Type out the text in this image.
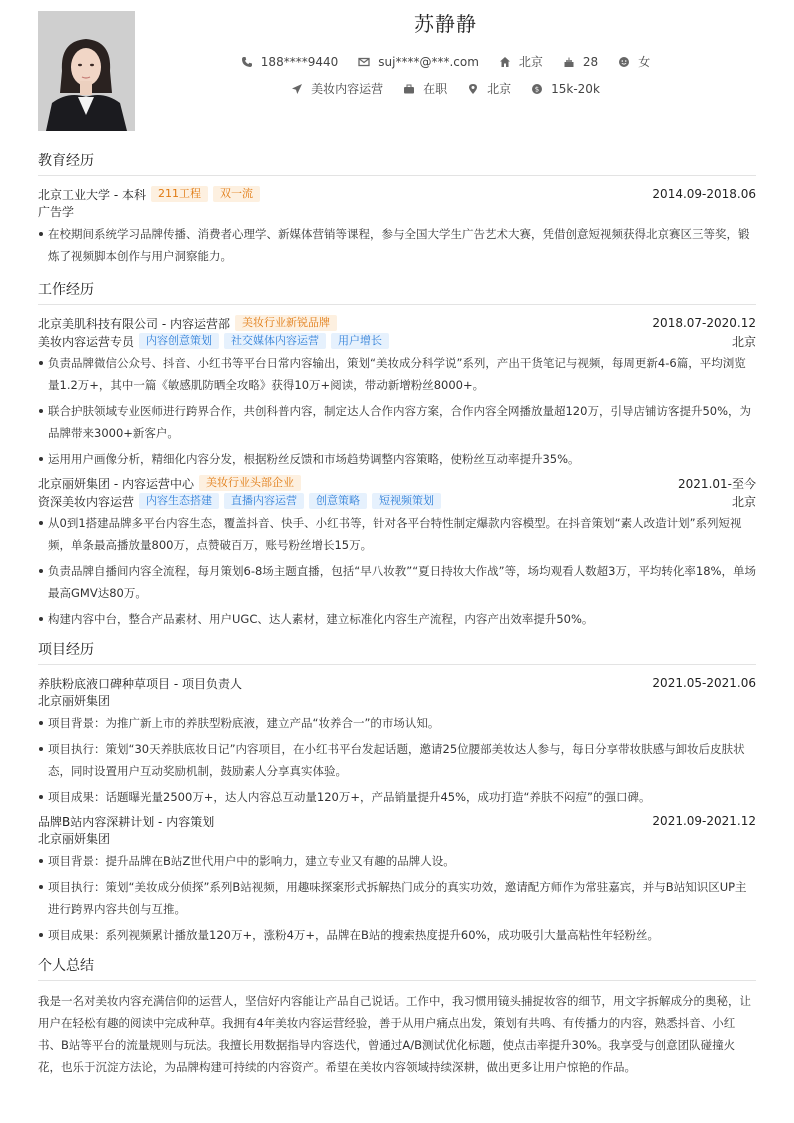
苏静静
188****9440	suj****@***.com	北京	28	女
美妆内容运营	在职	北京	$ 15k-20k
教育经历
北京工业大学 - 本科	211工程	双一流	2014.09-2018.06
广告学
在校期间系统学习品牌传播、消费者心理学、新媒体营销等课程，参与全国大学生广告艺术大赛，凭借创意短视频获得北京赛区三等奖，锻炼了视频脚本创作与用户洞察能力。
工作经历
北京美肌科技有限公司 - 内容运营部	美妆行业新锐品牌	2018.07-2020.12
美妆内容运营专员	内容创意策划	社交媒体内容运营	用户增长	北京
负责品牌微信公众号、抖音、小红书等平台日常内容输出，策划“美妆成分科学说”系列，产出干货笔记与视频，每周更新4-6篇，平均浏览量1.2万+，其中一篇《敏感肌防晒全攻略》获得10万+阅读，带动新增粉丝8000+。
联合护肤领域专业医师进行跨界合作，共创科普内容，制定达人合作内容方案，合作内容全网播放量超120万，引导店铺访客提升50%，为品牌带来3000+新客户。
运用用户画像分析，精细化内容分发，根据粉丝反馈和市场趋势调整内容策略，使粉丝互动率提升35%。
北京丽妍集团 - 内容运营中心	美妆行业头部企业	2021.01-至今
资深美妆内容运营	内容生态搭建	直播内容运营	创意策略	短视频策划	北京
从0到1搭建品牌多平台内容生态，覆盖抖音、快手、小红书等，针对各平台特性制定爆款内容模型。在抖音策划“素人改造计划”系列短视频，单条最高播放量800万，点赞破百万，账号粉丝增长15万。
负责品牌自播间内容全流程，每月策划6-8场主题直播，包括“早八妆教”“夏日持妆大作战”等，场均观看人数超3万，平均转化率18%，单场最高GMV达80万。
构建内容中台，整合产品素材、用户UGC、达人素材，建立标准化内容生产流程，内容产出效率提升50%。
项目经历
养肤粉底液口碑种草项目 - 项目负责人	2021.05-2021.06
北京丽妍集团
项目背景：为推广新上市的养肤型粉底液，建立产品“妆养合一”的市场认知。
项目执行：策划“30天养肤底妆日记”内容项目，在小红书平台发起话题，邀请25位腰部美妆达人参与，每日分享带妆肤感与卸妆后皮肤状态，同时设置用户互动奖励机制，鼓励素人分享真实体验。
项目成果：话题曝光量2500万+，达人内容总互动量120万+，产品销量提升45%，成功打造“养肤不闷痘”的强口碑。
品牌B站内容深耕计划 - 内容策划	2021.09-2021.12
北京丽妍集团
项目背景：提升品牌在B站Z世代用户中的影响力，建立专业又有趣的品牌人设。
项目执行：策划“美妆成分侦探”系列B站视频，用趣味探案形式拆解热门成分的真实功效，邀请配方师作为常驻嘉宾，并与B站知识区UP主进行跨界内容共创与互推。
项目成果：系列视频累计播放量120万+，涨粉4万+，品牌在B站的搜索热度提升60%，成功吸引大量高粘性年轻粉丝。
个人总结
我是一名对美妆内容充满信仰的运营人，坚信好内容能让产品自己说话。工作中，我习惯用镜头捕捉妆容的细节，用文字拆解成分的奥秘，让用户在轻松有趣的阅读中完成种草。我拥有4年美妆内容运营经验，善于从用户痛点出发，策划有共鸣、有传播力的内容，熟悉抖音、小红书、B站等平台的流量规则与玩法。我擅长用数据指导内容迭代，曾通过A/B测试优化标题，使点击率提升30%。我享受与创意团队碰撞火花，也乐于沉淀方法论，为品牌构建可持续的内容资产。希望在美妆内容领域持续深耕，做出更多让用户惊艳的作品。
